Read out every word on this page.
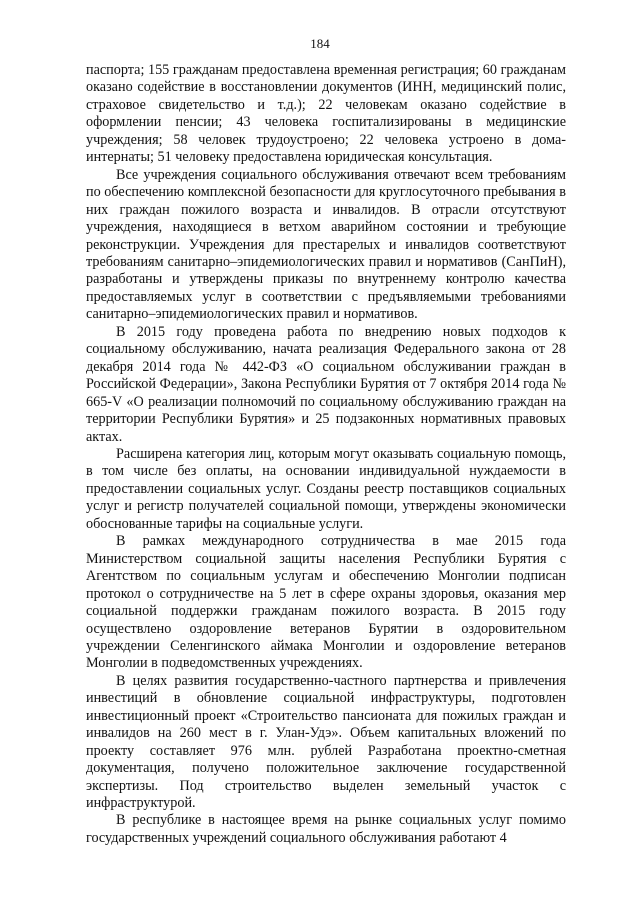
184

паспорта; 155 гражданам предоставлена временная регистрация; 60 гражданам оказано содействие в восстановлении документов (ИНН, медицинский полис, страховое свидетельство и т.д.); 22 человекам оказано содействие в оформлении пенсии; 43 человека госпитализированы в медицинские учреждения; 58 человек трудоустроено; 22 человека устроено в дома-интернаты; 51 человеку предоставлена юридическая консультация.

Все учреждения социального обслуживания отвечают всем требованиям по обеспечению комплексной безопасности для круглосуточного пребывания в них граждан пожилого возраста и инвалидов. В отрасли отсутствуют учреждения, находящиеся в ветхом аварийном состоянии и требующие реконструкции. Учреждения для престарелых и инвалидов соответствуют требованиям санитарно–эпидемиологических правил и нормативов (СанПиН), разработаны и утверждены приказы по внутреннему контролю качества предоставляемых услуг в соответствии с предъявляемыми требованиями санитарно–эпидемиологических правил и нормативов.

В 2015 году проведена работа по внедрению новых подходов к социальному обслуживанию, начата реализация Федерального закона от 28 декабря 2014 года № 442-ФЗ «О социальном обслуживании граждан в Российской Федерации», Закона Республики Бурятия от 7 октября 2014 года № 665-V «О реализации полномочий по социальному обслуживанию граждан на территории Республики Бурятия» и 25 подзаконных нормативных правовых актах.

Расширена категория лиц, которым могут оказывать социальную помощь, в том числе без оплаты, на основании индивидуальной нуждаемости в предоставлении социальных услуг. Созданы реестр поставщиков социальных услуг и регистр получателей социальной помощи, утверждены экономически обоснованные тарифы на социальные услуги.

В рамках международного сотрудничества в мае 2015 года Министерством социальной защиты населения Республики Бурятия с Агентством по социальным услугам и обеспечению Монголии подписан протокол о сотрудничестве на 5 лет в сфере охраны здоровья, оказания мер социальной поддержки гражданам пожилого возраста. В 2015 году осуществлено оздоровление ветеранов Бурятии в оздоровительном учреждении Селенгинского аймака Монголии и оздоровление ветеранов Монголии в подведомственных учреждениях.

В целях развития государственно-частного партнерства и привлечения инвестиций в обновление социальной инфраструктуры, подготовлен инвестиционный проект «Строительство пансионата для пожилых граждан и инвалидов на 260 мест в г. Улан-Удэ». Объем капитальных вложений по проекту составляет 976 млн. рублей Разработана проектно-сметная документация, получено положительное заключение государственной экспертизы. Под строительство выделен земельный участок с инфраструктурой.

В республике в настоящее время на рынке социальных услуг помимо государственных учреждений социального обслуживания работают 4
